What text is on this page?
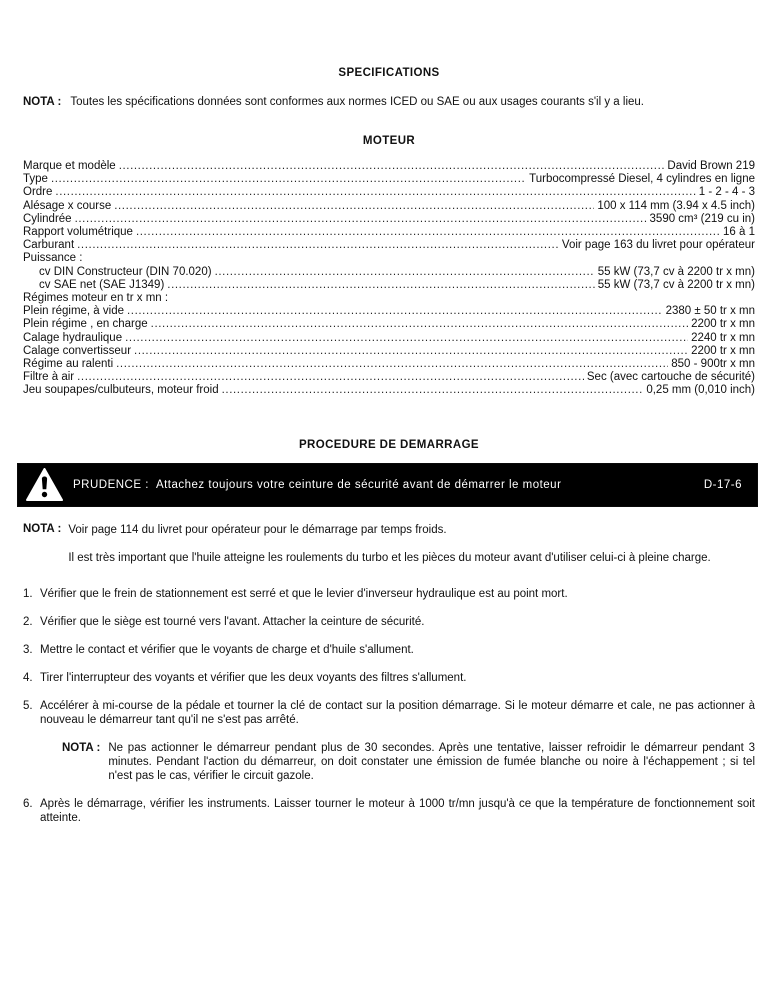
SPECIFICATIONS
NOTA : Toutes les spécifications données sont conformes aux normes ICED ou SAE ou aux usages courants s'il y a lieu.
MOTEUR
Marque et modèle .....	David Brown 219
Type .....	Turbocompressé Diesel, 4 cylindres en ligne
Ordre .....	1 - 2 - 4 - 3
Alésage x course .....	100 x 114 mm (3.94 x 4.5 inch)
Cylindrée .....	3590 cm³ (219 cu in)
Rapport volumétrique .....	16 à 1
Carburant .....	Voir page 163 du livret pour opérateur
Puissance :
cv DIN Constructeur (DIN 70.020) .....	55 kW (73,7 cv à 2200 tr x mn)
cv SAE net (SAE J1349) .....	55 kW (73,7 cv à 2200 tr x mn)
Régimes moteur en tr x mn :
Plein régime, à vide .....	2380 ± 50 tr x mn
Plein régime , en charge .....	2200 tr x mn
Calage hydraulique .....	2240 tr x mn
Calage convertisseur .....	2200 tr x mn
Régime au ralenti .....	850 - 900tr x mn
Filtre à air .....	Sec (avec cartouche de sécurité)
Jeu soupapes/culbuteurs, moteur froid .....	0,25 mm (0,010 inch)
PROCEDURE DE DEMARRAGE
PRUDENCE : Attachez toujours votre ceinture de sécurité avant de démarrer le moteur	D-17-6
NOTA : Voir page 114 du livret pour opérateur pour le démarrage par temps froids.

Il est très important que l'huile atteigne les roulements du turbo et les pièces du moteur avant d'utiliser celui-ci à pleine charge.

1. Vérifier que le frein de stationnement est serré et que le levier d'inverseur hydraulique est au point mort.
2. Vérifier que le siège est tourné vers l'avant. Attacher la ceinture de sécurité.
3. Mettre le contact et vérifier que le voyants de charge et d'huile s'allument.
4. Tirer l'interrupteur des voyants et vérifier que les deux voyants des filtres s'allument.
5. Accélérer à mi-course de la pédale et tourner la clé de contact sur la position démarrage. Si le moteur démarre et cale, ne pas actionner à nouveau le démarreur tant qu'il ne s'est pas arrêté.
NOTA : Ne pas actionner le démarreur pendant plus de 30 secondes. Après une tentative, laisser refroidir le démarreur pendant 3 minutes. Pendant l'action du démarreur, on doit constater une émission de fumée blanche ou noire à l'échappement ; si tel n'est pas le cas, vérifier le circuit gazole.
6. Après le démarrage, vérifier les instruments. Laisser tourner le moteur à 1000 tr/mn jusqu'à ce que la température de fonctionnement soit atteinte.
